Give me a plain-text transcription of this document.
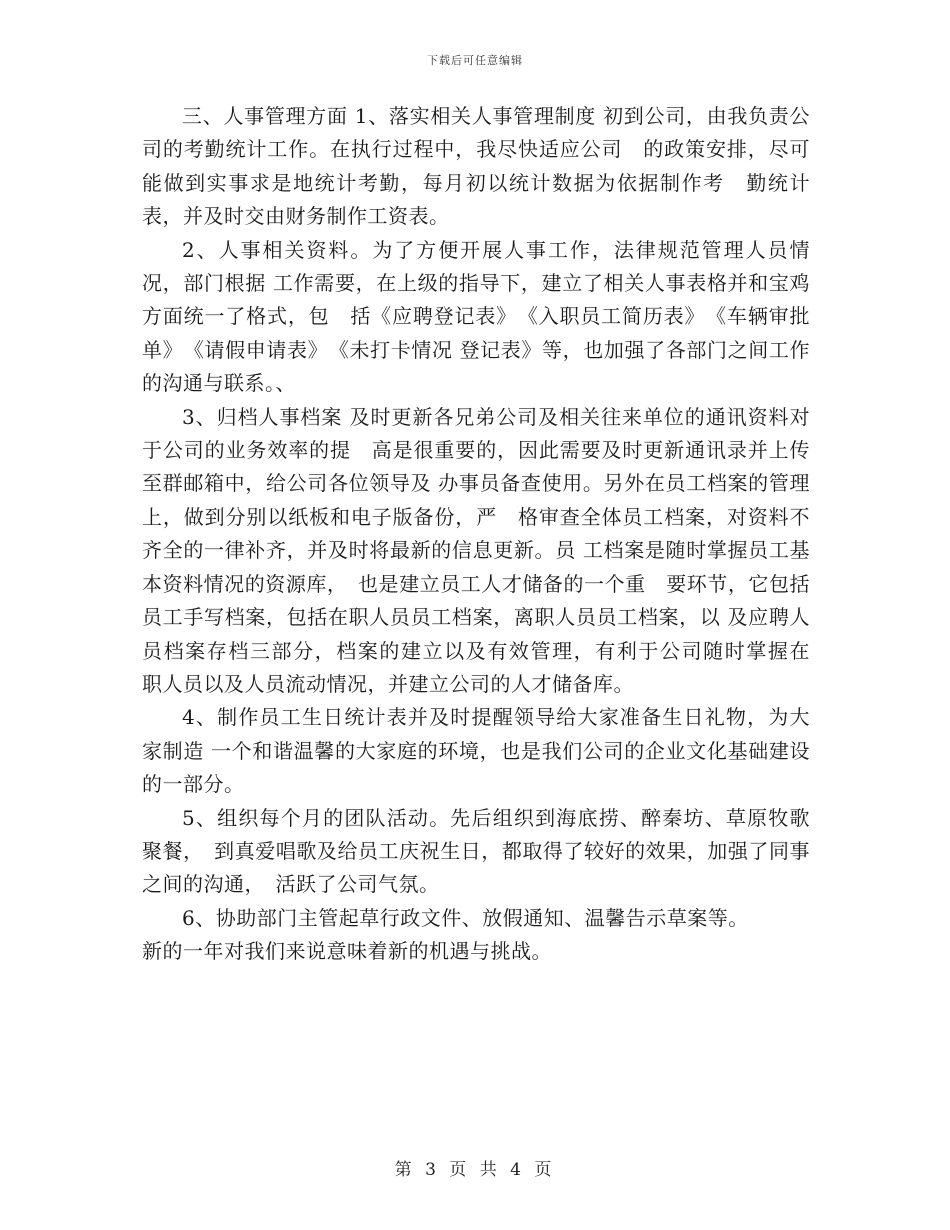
下载后可任意编辑

三、人事管理方面 1、落实相关人事管理制度 初到公司，由我负责公司的考勤统计工作。在执行过程中，我尽快适应公司　的政策安排，尽可能做到实事求是地统计考勤，每月初以统计数据为依据制作考　勤统计表，并及时交由财务制作工资表。

2、人事相关资料。为了方便开展人事工作，法律规范管理人员情况，部门根据 工作需要，在上级的指导下，建立了相关人事表格并和宝鸡方面统一了格式，包　括《应聘登记表》　《入职员工简历表》　《车辆审批单》　《请假申请表》　《未打卡情况 登记表》等，也加强了各部门之间工作的沟通与联系。、

3、归档人事档案 及时更新各兄弟公司及相关往来单位的通讯资料对于公司的业务效率的提　高是很重要的，因此需要及时更新通讯录并上传至群邮箱中，给公司各位领导及 办事员备查使用。另外在员工档案的管理上，做到分别以纸板和电子版备份，严　格审查全体员工档案，对资料不齐全的一律补齐，并及时将最新的信息更新。员 工档案是随时掌握员工基本资料情况的资源库，　也是建立员工人才储备的一个重　要环节，它包括员工手写档案，包括在职人员员工档案，离职人员员工档案，以 及应聘人员档案存档三部分，档案的建立以及有效管理，有利于公司随时掌握在　职人员以及人员流动情况，并建立公司的人才储备库。

4、制作员工生日统计表并及时提醒领导给大家准备生日礼物，为大家制造 一个和谐温馨的大家庭的环境，也是我们公司的企业文化基础建设的一部分。

5、组织每个月的团队活动。先后组织到海底捞、醉秦坊、草原牧歌聚餐，　到真爱唱歌及给员工庆祝生日，都取得了较好的效果，加强了同事之间的沟通，　活跃了公司气氛。

6、协助部门主管起草行政文件、放假通知、温馨告示草案等。

新的一年对我们来说意味着新的机遇与挑战。

第 3 页 共 4 页
